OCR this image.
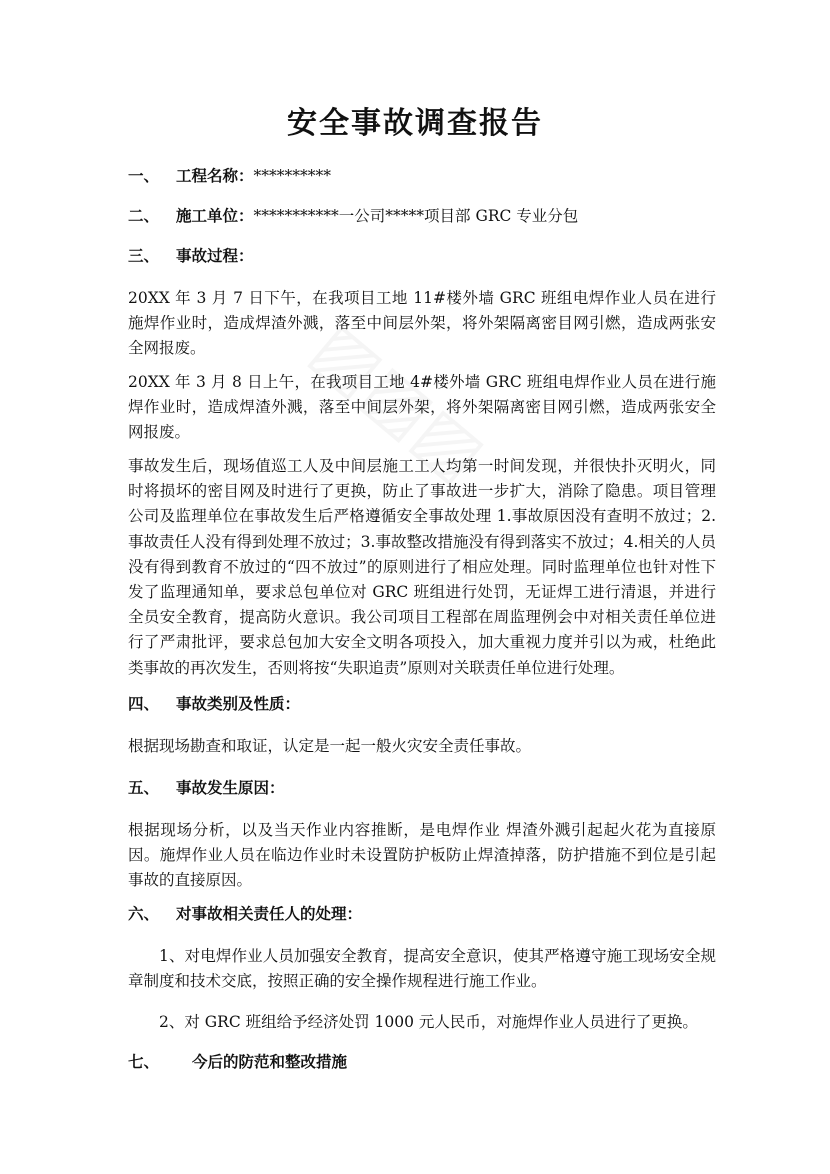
安全事故调查报告
一、 工程名称：**********
二、 施工单位：***********一公司*****项目部 GRC 专业分包
三、 事故过程：

20XX 年 3 月 7 日下午，在我项目工地 11#楼外墙 GRC 班组电焊作业人员在进行施焊作业时，造成焊渣外溅，落至中间层外架，将外架隔离密目网引燃，造成两张安全网报废。

20XX 年 3 月 8 日上午，在我项目工地 4#楼外墙 GRC 班组电焊作业人员在进行施焊作业时，造成焊渣外溅，落至中间层外架，将外架隔离密目网引燃，造成两张安全网报废。

事故发生后，现场值巡工人及中间层施工工人均第一时间发现，并很快扑灭明火，同时将损坏的密目网及时进行了更换，防止了事故进一步扩大，消除了隐患。项目管理公司及监理单位在事故发生后严格遵循安全事故处理 1.事故原因没有查明不放过；2.事故责任人没有得到处理不放过；3.事故整改措施没有得到落实不放过；4.相关的人员没有得到教育不放过的“四不放过”的原则进行了相应处理。同时监理单位也针对性下发了监理通知单，要求总包单位对 GRC 班组进行处罚，无证焊工进行清退，并进行全员安全教育，提高防火意识。我公司项目工程部在周监理例会中对相关责任单位进行了严肃批评，要求总包加大安全文明各项投入，加大重视力度并引以为戒，杜绝此类事故的再次发生，否则将按“失职追责”原则对关联责任单位进行处理。

四、 事故类别及性质：

根据现场勘查和取证，认定是一起一般火灾安全责任事故。

五、 事故发生原因：

根据现场分析，以及当天作业内容推断，是电焊作业 焊渣外溅引起起火花为直接原因。施焊作业人员在临边作业时未设置防护板防止焊渣掉落，防护措施不到位是引起事故的直接原因。

六、 对事故相关责任人的处理：

1、对电焊作业人员加强安全教育，提高安全意识，使其严格遵守施工现场安全规章制度和技术交底，按照正确的安全操作规程进行施工作业。

2、对 GRC 班组给予经济处罚 1000 元人民币，对施焊作业人员进行了更换。

七、 今后的防范和整改措施
